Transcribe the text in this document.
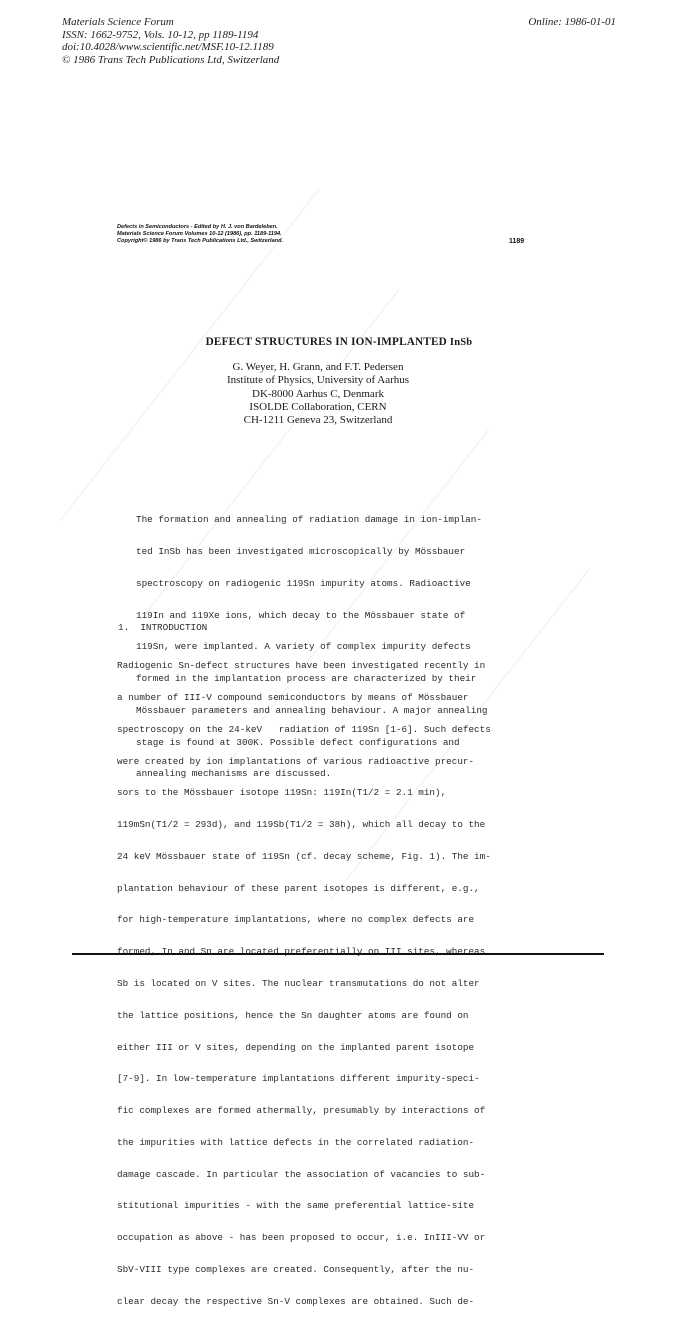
Materials Science Forum
ISSN: 1662-9752, Vols. 10-12, pp 1189-1194
doi:10.4028/www.scientific.net/MSF.10-12.1189
© 1986 Trans Tech Publications Ltd, Switzerland
Online: 1986-01-01
Defects in Semiconductors - Edited by H. J. von Bardeleben.
Materials Science Forum Volumes 10-12 (1986), pp. 1189-1194.
Copyright© 1986 by Trans Tech Publications Ltd., Switzerland.	1189
DEFECT STRUCTURES IN ION-IMPLANTED InSb
G. Weyer, H. Grann, and F.T. Pedersen
Institute of Physics, University of Aarhus
DK-8000 Aarhus C, Denmark
ISOLDE Collaboration, CERN
CH-1211 Geneva 23, Switzerland

The formation and annealing of radiation damage in ion-implan-

ted InSb has been investigated microscopically by Mössbauer

spectroscopy on radiogenic 119Sn impurity atoms. Radioactive

119In and 119Xe ions, which decay to the Mössbauer state of

119Sn, were implanted. A variety of complex impurity defects

formed in the implantation process are characterized by their

Mössbauer parameters and annealing behaviour. A major annealing

stage is found at 300K. Possible defect configurations and

annealing mechanisms are discussed.

1.  INTRODUCTION

Radiogenic Sn-defect structures have been investigated recently in

a number of III-V compound semiconductors by means of Mössbauer

spectroscopy on the 24-keV   radiation of 119Sn [1-6]. Such defects

were created by ion implantations of various radioactive precur-

sors to the Mössbauer isotope 119Sn: 119In(T1/2 = 2.1 min),

119mSn(T1/2 = 293d), and 119Sb(T1/2 = 38h), which all decay to the

24 keV Mössbauer state of 119Sn (cf. decay scheme, Fig. 1). The im-

plantation behaviour of these parent isotopes is different, e.g.,

for high-temperature implantations, where no complex defects are

formed, In and Sn are located preferentially on III sites, whereas

Sb is located on V sites. The nuclear transmutations do not alter

the lattice positions, hence the Sn daughter atoms are found on

either III or V sites, depending on the implanted parent isotope

[7-9]. In low-temperature implantations different impurity-speci-

fic complexes are formed athermally, presumably by interactions of

the impurities with lattice defects in the correlated radiation-

damage cascade. In particular the association of vacancies to sub-

stitutional impurities - with the same preferential lattice-site

occupation as above - has been proposed to occur, i.e. InIII-VV or

SbV-VIII type complexes are created. Consequently, after the nu-

clear decay the respective Sn-V complexes are obtained. Such de-
